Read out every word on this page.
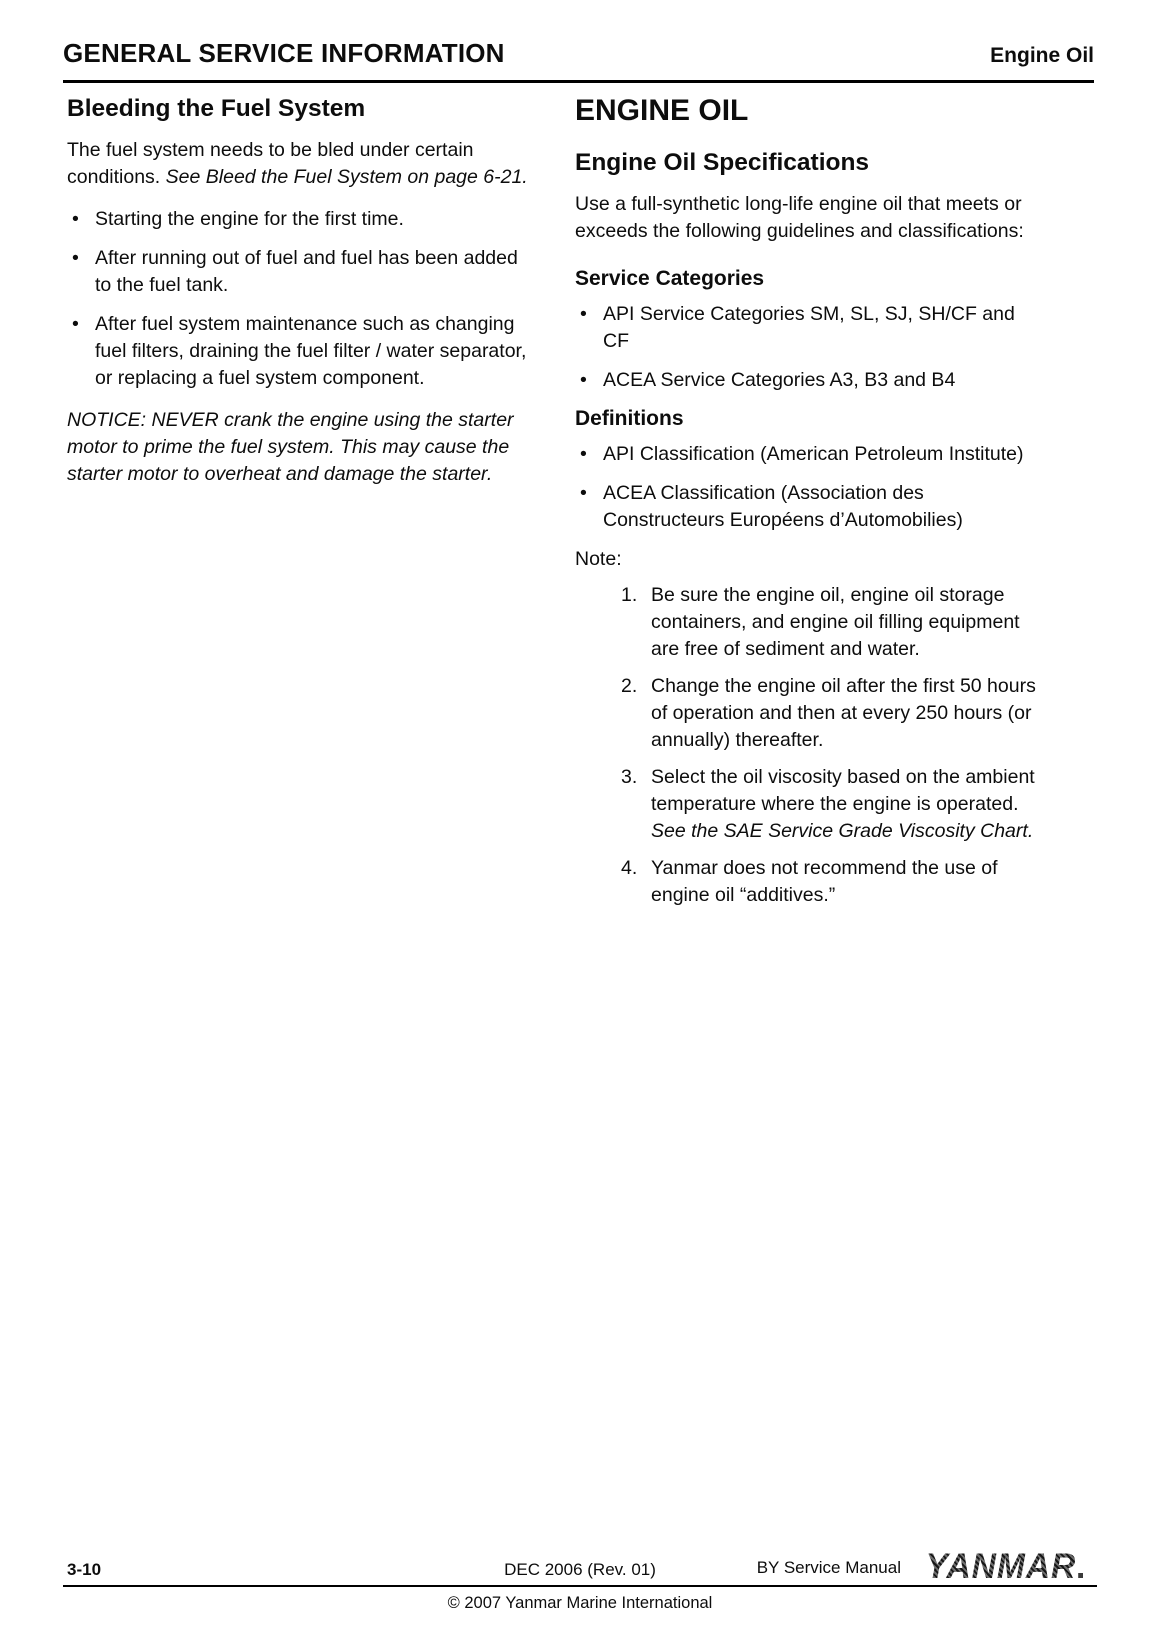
GENERAL SERVICE INFORMATION	Engine Oil
Bleeding the Fuel System

The fuel system needs to be bled under certain conditions. See Bleed the Fuel System on page 6-21.

• Starting the engine for the first time.
• After running out of fuel and fuel has been added to the fuel tank.
• After fuel system maintenance such as changing fuel filters, draining the fuel filter / water separator, or replacing a fuel system component.

NOTICE: NEVER crank the engine using the starter motor to prime the fuel system. This may cause the starter motor to overheat and damage the starter.

ENGINE OIL
Engine Oil Specifications

Use a full-synthetic long-life engine oil that meets or exceeds the following guidelines and classifications:

Service Categories
• API Service Categories SM, SL, SJ, SH/CF and CF
• ACEA Service Categories A3, B3 and B4
Definitions
• API Classification (American Petroleum Institute)
• ACEA Classification (Association des Constructeurs Européens d’Automobilies)

Note:

1. Be sure the engine oil, engine oil storage containers, and engine oil filling equipment are free of sediment and water.
2. Change the engine oil after the first 50 hours of operation and then at every 250 hours (or annually) thereafter.
3. Select the oil viscosity based on the ambient temperature where the engine is operated. See the SAE Service Grade Viscosity Chart.
4. Yanmar does not recommend the use of engine oil “additives.”
3-10	DEC 2006 (Rev. 01)	BY Service Manual YANMAR
© 2007 Yanmar Marine International
